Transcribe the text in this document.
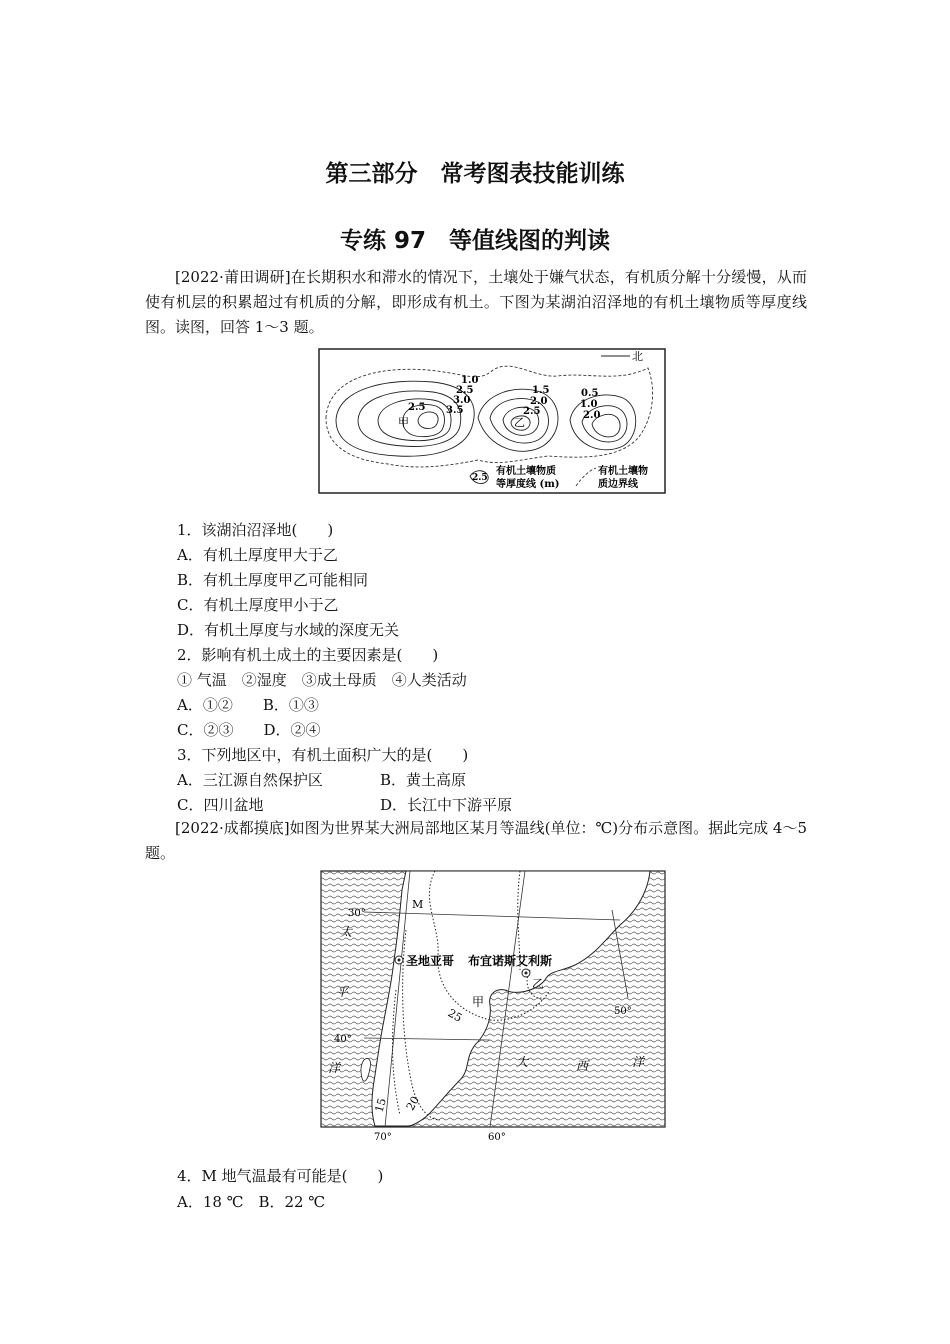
第三部分　常考图表技能训练
专练 97　等值线图的判读

[2022·莆田调研]在长期积水和滞水的情况下，土壤处于嫌气状态，有机质分解十分缓慢，从而使有机层的积累超过有机质的分解，即形成有机土。下图为某湖泊沼泽地的有机土壤物质等厚度线图。读图，回答 1～3 题。

北
1.0
2.5
3.0
3.5
2.5
1.5
2.0
2.5
0.5
1.0
2.0
甲	乙
2.5
有机土壤物质
等厚度线 (m)
有机土壤物
质边界线
1．该湖泊沼泽地(　　)
A．有机土厚度甲大于乙
B．有机土厚度甲乙可能相同
C．有机土厚度甲小于乙
D．有机土厚度与水域的深度无关
2．影响有机土成土的主要因素是(　　)
① 气温　②湿度　③成土母质　④人类活动
A．①②　　B．①③
C．②③　　D．②④
3．下列地区中，有机土面积广大的是(　　)
A．三江源自然保护区	B．黄土高原
C．四川盆地	D．长江中下游平原

[2022·成都摸底]如图为世界某大洲局部地区某月等温线(单位：℃)分布示意图。据此完成 4～5 题。

M
30°
40°
70°	60°
50°
圣地亚哥 布宜诺斯艾利斯
甲
乙
25
20
15
太
平
洋	大	西	洋
4．M 地气温最有可能是(　　)
A．18 ℃　B．22 ℃
